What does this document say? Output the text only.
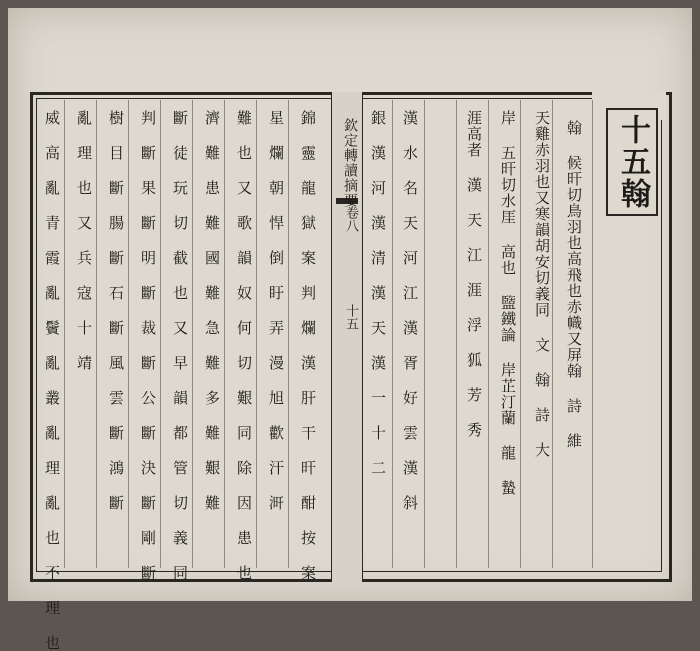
欽定轉讀摘要
卷八
十五
十五翰
翰 候旰切鳥羽也高飛也赤幟又屏翰 詩 維
天雞赤羽也又寒韻胡安切義同 文 翰 詩 大
岸 五旰切水厓 高也 盬鐵論 岸芷汀蘭 龍 蟄
涯高者 漢 天 江 涯 浮 狐 芳 秀
漢 水 名 天 河 江 漢 胥 好 雲 漢 斜
銀 漢 河 漢 清 漢 天 漢 一 十 二
錦 靈 龍 獄 案 判 爛 漢 肝 干 旰 酣 按 案
星 爛 朝 悍 倒 盱 弄 漫 旭 歡 汗 涆
難 也 又 歌 韻 奴 何 切 艱 同 除 因 患 也
濟 難 患 難 國 難 急 難 多 難 艱 難
斷 徒 玩 切 截 也 又 早 韻 都 管 切 義 同
判 斷 果 斷 明 斷 裁 斷 公 斷 決 斷 剛 斷
樹 目 斷 腸 斷 石 斷 風 雲 斷 鴻 斷
亂 理 也 又 兵 寇 十 靖
威 高 亂 青 霞 亂 鬢 亂 叢 亂 理 亂 也 不 理 也
